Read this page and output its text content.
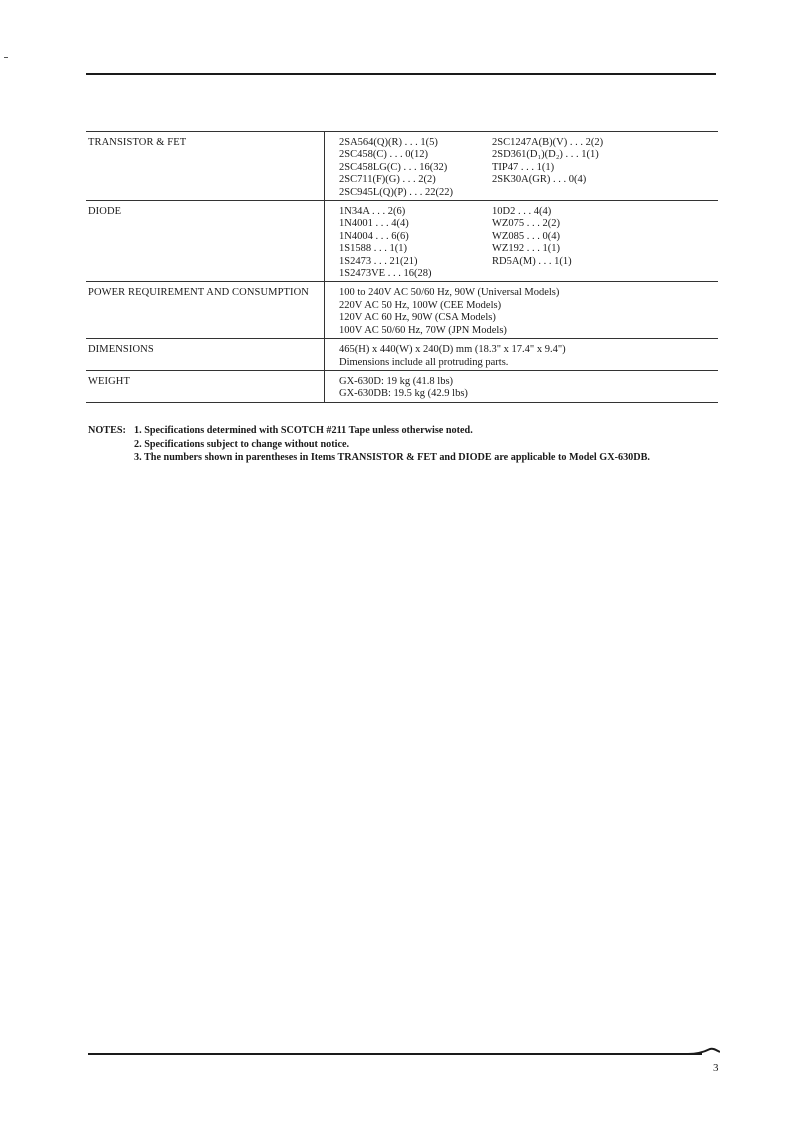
TRANSISTOR & FET	2SA564(Q)(R) . . . 1(5)	2SC1247A(B)(V) . . . 2(2)
2SC458(C) . . . 0(12)	2SD361(D₁)(D₂) . . . 1(1)
2SC458LG(C) . . . 16(32)	TIP47 . . . 1(1)
2SC711(F)(G) . . . 2(2)	2SK30A(GR) . . . 0(4)
2SC945L(Q)(P) . . . 22(22)
DIODE	1N34A . . . 2(6)	10D2 . . . 4(4)
1N4001 . . . 4(4)	WZ075 . . . 2(2)
1N4004 . . . 6(6)	WZ085 . . . 0(4)
1S1588 . . . 1(1)	WZ192 . . . 1(1)
1S2473 . . . 21(21)	RD5A(M) . . . 1(1)
1S2473VE . . . 16(28)
POWER REQUIREMENT AND CONSUMPTION	100 to 240V AC 50/60 Hz, 90W (Universal Models)
220V AC 50 Hz, 100W (CEE Models)
120V AC 60 Hz, 90W (CSA Models)
100V AC 50/60 Hz, 70W (JPN Models)
DIMENSIONS	465(H) x 440(W) x 240(D) mm (18.3" x 17.4" x 9.4")
Dimensions include all protruding parts.
WEIGHT	GX-630D: 19 kg (41.8 lbs)
GX-630DB: 19.5 kg (42.9 lbs)
NOTES: 1. Specifications determined with SCOTCH #211 Tape unless otherwise noted.
2. Specifications subject to change without notice.
3. The numbers shown in parentheses in Items TRANSISTOR & FET and DIODE are applicable to Model GX-630DB.
3
